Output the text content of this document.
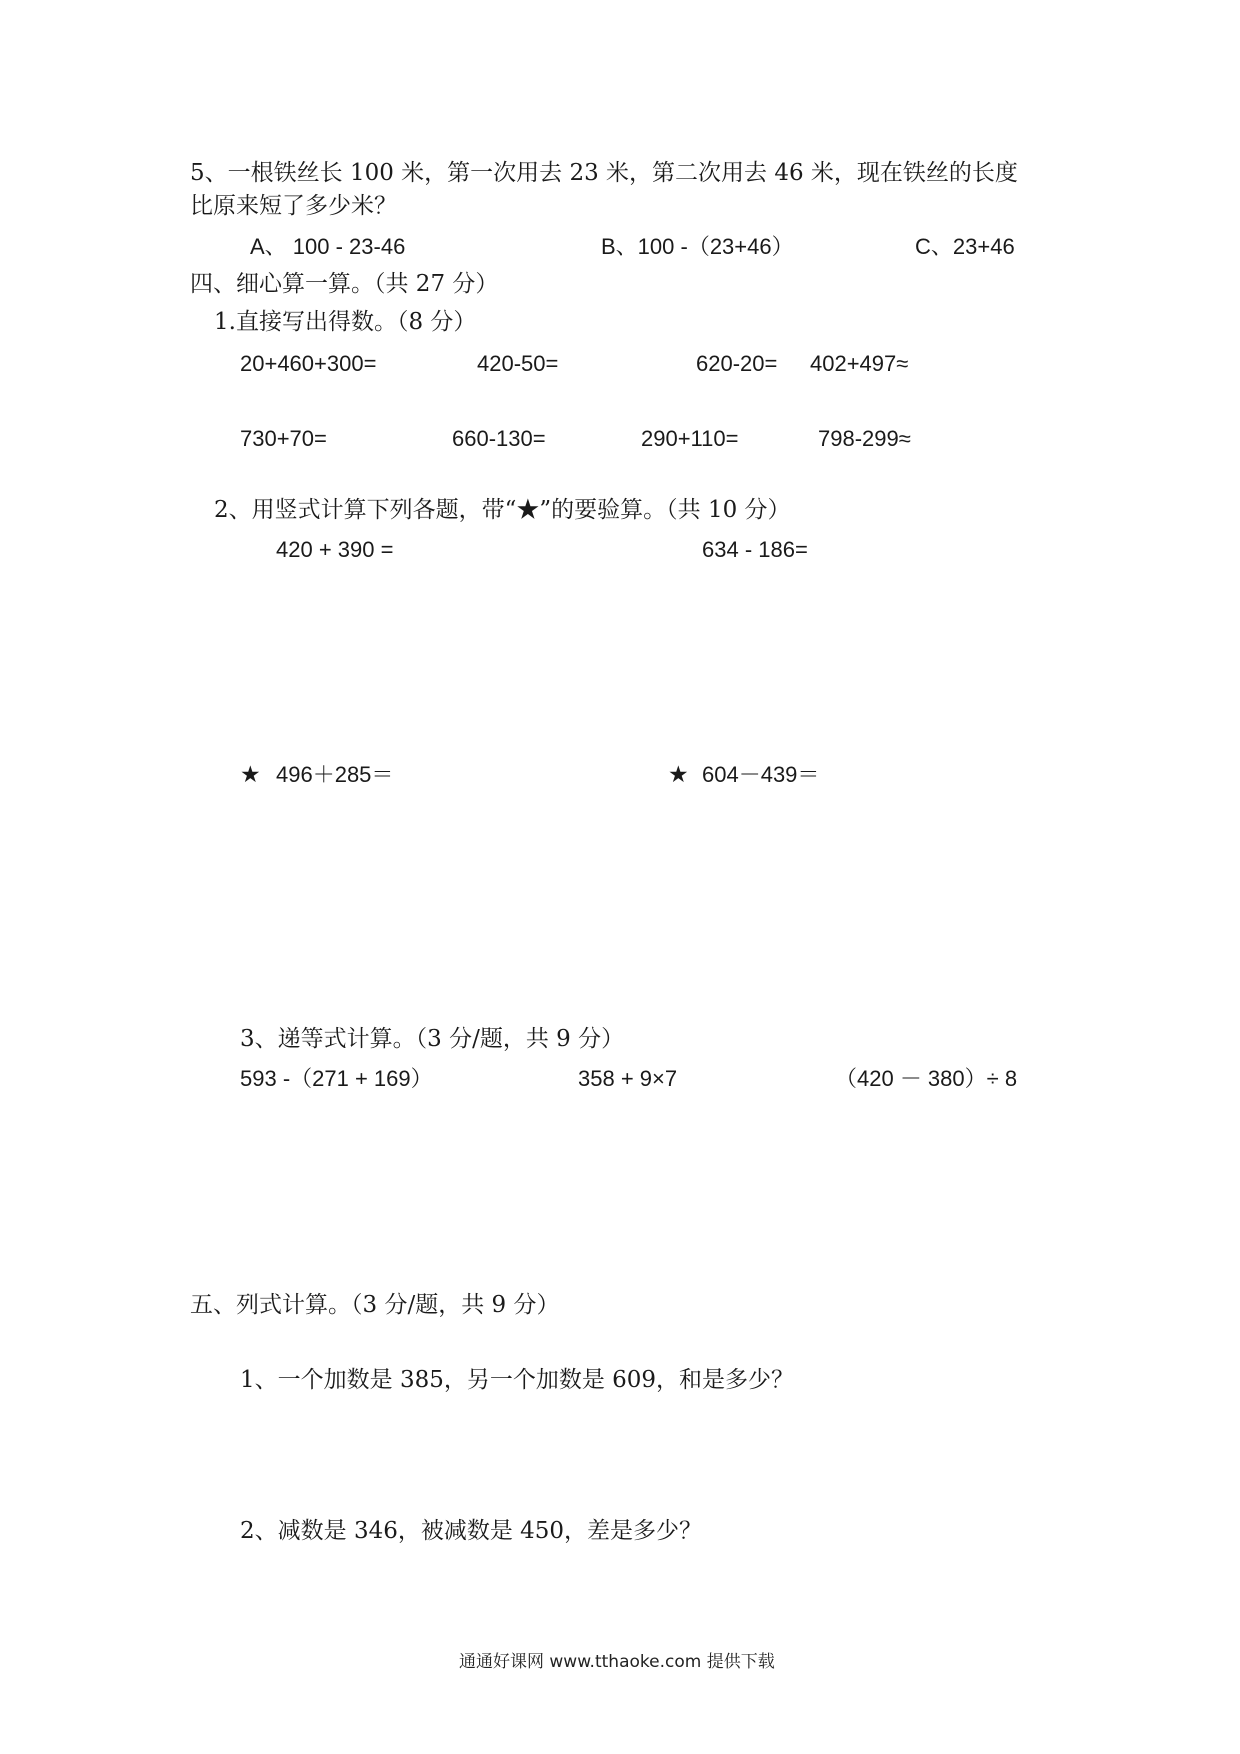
5、一根铁丝长 100 米，第一次用去 23 米，第二次用去 46 米，现在铁丝的长度
比原来短了多少米？
A、 100 - 23-46	B、100 -（23+46）	C、23+46
四、细心算一算。（共 27 分）
1.直接写出得数。（8 分）
20+460+300=	420-50=	620-20= 402+497≈
730+70=	660-130=	290+110=	798-299≈
2、用竖式计算下列各题，带“★”的要验算。（共 10 分）
420 + 390 =	634 - 186=
★ 496＋285＝	★ 604－439＝
3、递等式计算。（3 分/题，共 9 分）
593 -（271 + 169）	358 + 9×7	（420 － 380）÷ 8
五、列式计算。（3 分/题，共 9 分）
1、一个加数是 385，另一个加数是 609，和是多少？
2、减数是 346，被减数是 450，差是多少？
通通好课网 www.tthaoke.com 提供下载
